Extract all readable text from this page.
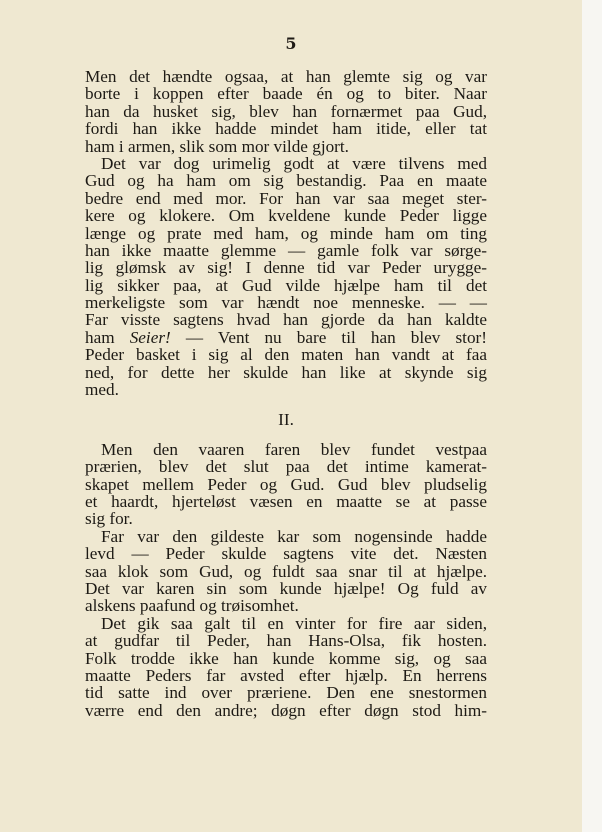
5
Men det hændte ogsaa, at han glemte sig og var
borte i koppen efter baade én og to biter. Naar
han da husket sig, blev han fornærmet paa Gud,
fordi han ikke hadde mindet ham itide, eller tat
ham i armen, slik som mor vilde gjort.
Det var dog urimelig godt at være tilvens med
Gud og ha ham om sig bestandig. Paa en maate
bedre end med mor. For han var saa meget ster-
kere og klokere. Om kveldene kunde Peder ligge
længe og prate med ham, og minde ham om ting
han ikke maatte glemme — gamle folk var sørge-
lig glømsk av sig! I denne tid var Peder urygge-
lig sikker paa, at Gud vilde hjælpe ham til det
merkeligste som var hændt noe menneske. — —
Far visste sagtens hvad han gjorde da han kaldte
ham Seier! — Vent nu bare til han blev stor!
Peder basket i sig al den maten han vandt at faa
ned, for dette her skulde han like at skynde sig
med.
II.
Men den vaaren faren blev fundet vestpaa
prærien, blev det slut paa det intime kamerat-
skapet mellem Peder og Gud. Gud blev pludselig
et haardt, hjerteløst væsen en maatte se at passe
sig for.
Far var den gildeste kar som nogensinde hadde
levd — Peder skulde sagtens vite det. Næsten
saa klok som Gud, og fuldt saa snar til at hjælpe.
Det var karen sin som kunde hjælpe! Og fuld av
alskens paafund og trøisomhet.
Det gik saa galt til en vinter for fire aar siden,
at gudfar til Peder, han Hans-Olsa, fik hosten.
Folk trodde ikke han kunde komme sig, og saa
maatte Peders far avsted efter hjælp. En herrens
tid satte ind over præriene. Den ene snestormen
værre end den andre; døgn efter døgn stod him-
